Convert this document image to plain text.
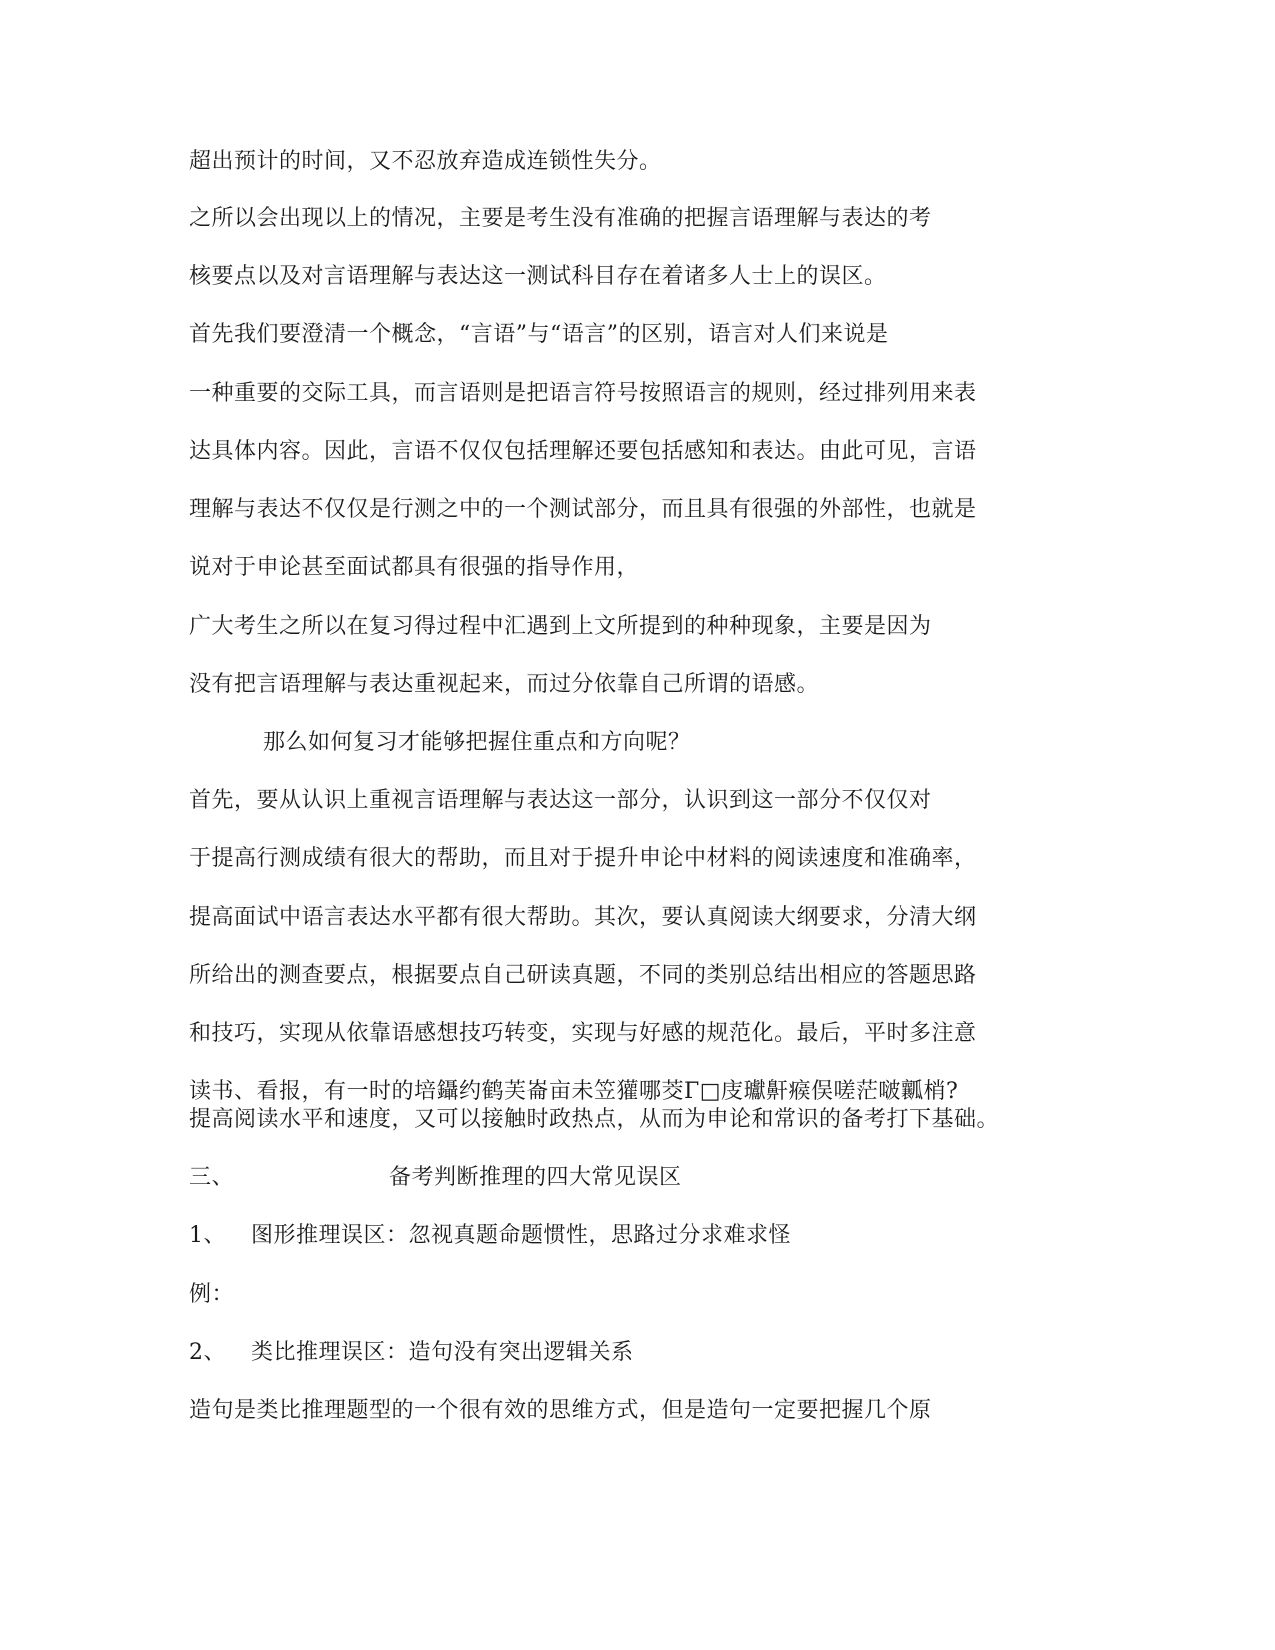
超出预计的时间，又不忍放弃造成连锁性失分。
之所以会出现以上的情况，主要是考生没有准确的把握言语理解与表达的考
核要点以及对言语理解与表达这一测试科目存在着诸多人士上的误区。
首先我们要澄清一个概念，“言语”与“语言”的区别，语言对人们来说是
一种重要的交际工具，而言语则是把语言符号按照语言的规则，经过排列用来表
达具体内容。因此，言语不仅仅包括理解还要包括感知和表达。由此可见，言语
理解与表达不仅仅是行测之中的一个测试部分，而且具有很强的外部性，也就是
说对于申论甚至面试都具有很强的指导作用，
广大考生之所以在复习得过程中汇遇到上文所提到的种种现象，主要是因为
没有把言语理解与表达重视起来，而过分依靠自己所谓的语感。
那么如何复习才能够把握住重点和方向呢？
首先，要从认识上重视言语理解与表达这一部分，认识到这一部分不仅仅对
于提高行测成绩有很大的帮助，而且对于提升申论中材料的阅读速度和准确率，
提高面试中语言表达水平都有很大帮助。其次，要认真阅读大纲要求，分清大纲
所给出的测查要点，根据要点自己研读真题，不同的类别总结出相应的答题思路
和技巧，实现从依靠语感想技巧转变，实现与好感的规范化。最后，平时多注意
读书、看报，有一时的培鑷约鹤芙崙亩未笠獾哪茭Γ□庋瓛鼾瘊俣嗟茫啵瓤梢?
提高阅读水平和速度，又可以接触时政热点，从而为申论和常识的备考打下基础。
三、	备考判断推理的四大常见误区
1、 图形推理误区：忽视真题命题惯性，思路过分求难求怪
例：
2、 类比推理误区：造句没有突出逻辑关系
造句是类比推理题型的一个很有效的思维方式，但是造句一定要把握几个原
